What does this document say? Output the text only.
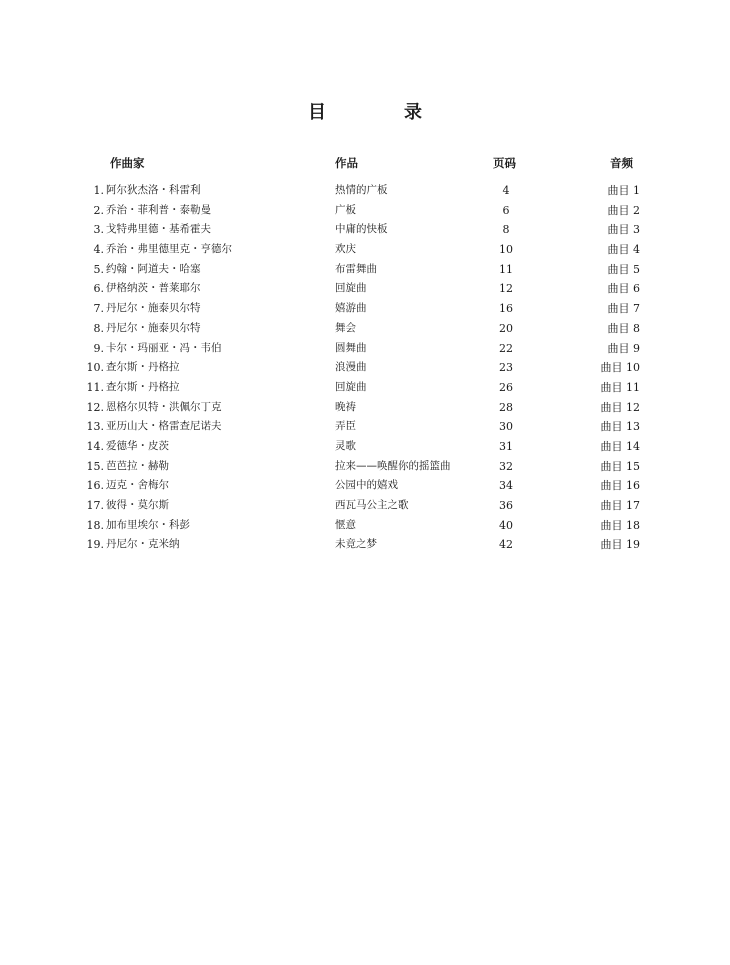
目　录
作曲家	作品	页码	音频
1. 阿尔狄杰洛・科雷利	热情的广板	4	曲目 1
2. 乔治・菲利普・泰勒曼	广板	6	曲目 2
3. 戈特弗里德・基希霍夫	中庸的快板	8	曲目 3
4. 乔治・弗里德里克・亨德尔	欢庆	10	曲目 4
5. 约翰・阿道夫・哈塞	布雷舞曲	11	曲目 5
6. 伊格纳茨・普莱耶尔	回旋曲	12	曲目 6
7. 丹尼尔・施泰贝尔特	嬉游曲	16	曲目 7
8. 丹尼尔・施泰贝尔特	舞会	20	曲目 8
9. 卡尔・玛丽亚・冯・韦伯	圆舞曲	22	曲目 9
10. 查尔斯・丹格拉	浪漫曲	23	曲目 10
11. 查尔斯・丹格拉	回旋曲	26	曲目 11
12. 恩格尔贝特・洪佩尔丁克	晚祷	28	曲目 12
13. 亚历山大・格雷查尼诺夫	弄臣	30	曲目 13
14. 爱德华・皮茨	灵歌	31	曲目 14
15. 芭芭拉・赫勒	拉来——唤醒你的摇篮曲	32	曲目 15
16. 迈克・舍梅尔	公园中的嬉戏	34	曲目 16
17. 彼得・莫尔斯	西瓦马公主之歌	36	曲目 17
18. 加布里埃尔・科彭	惬意	40	曲目 18
19. 丹尼尔・克米纳	未竟之梦	42	曲目 19
